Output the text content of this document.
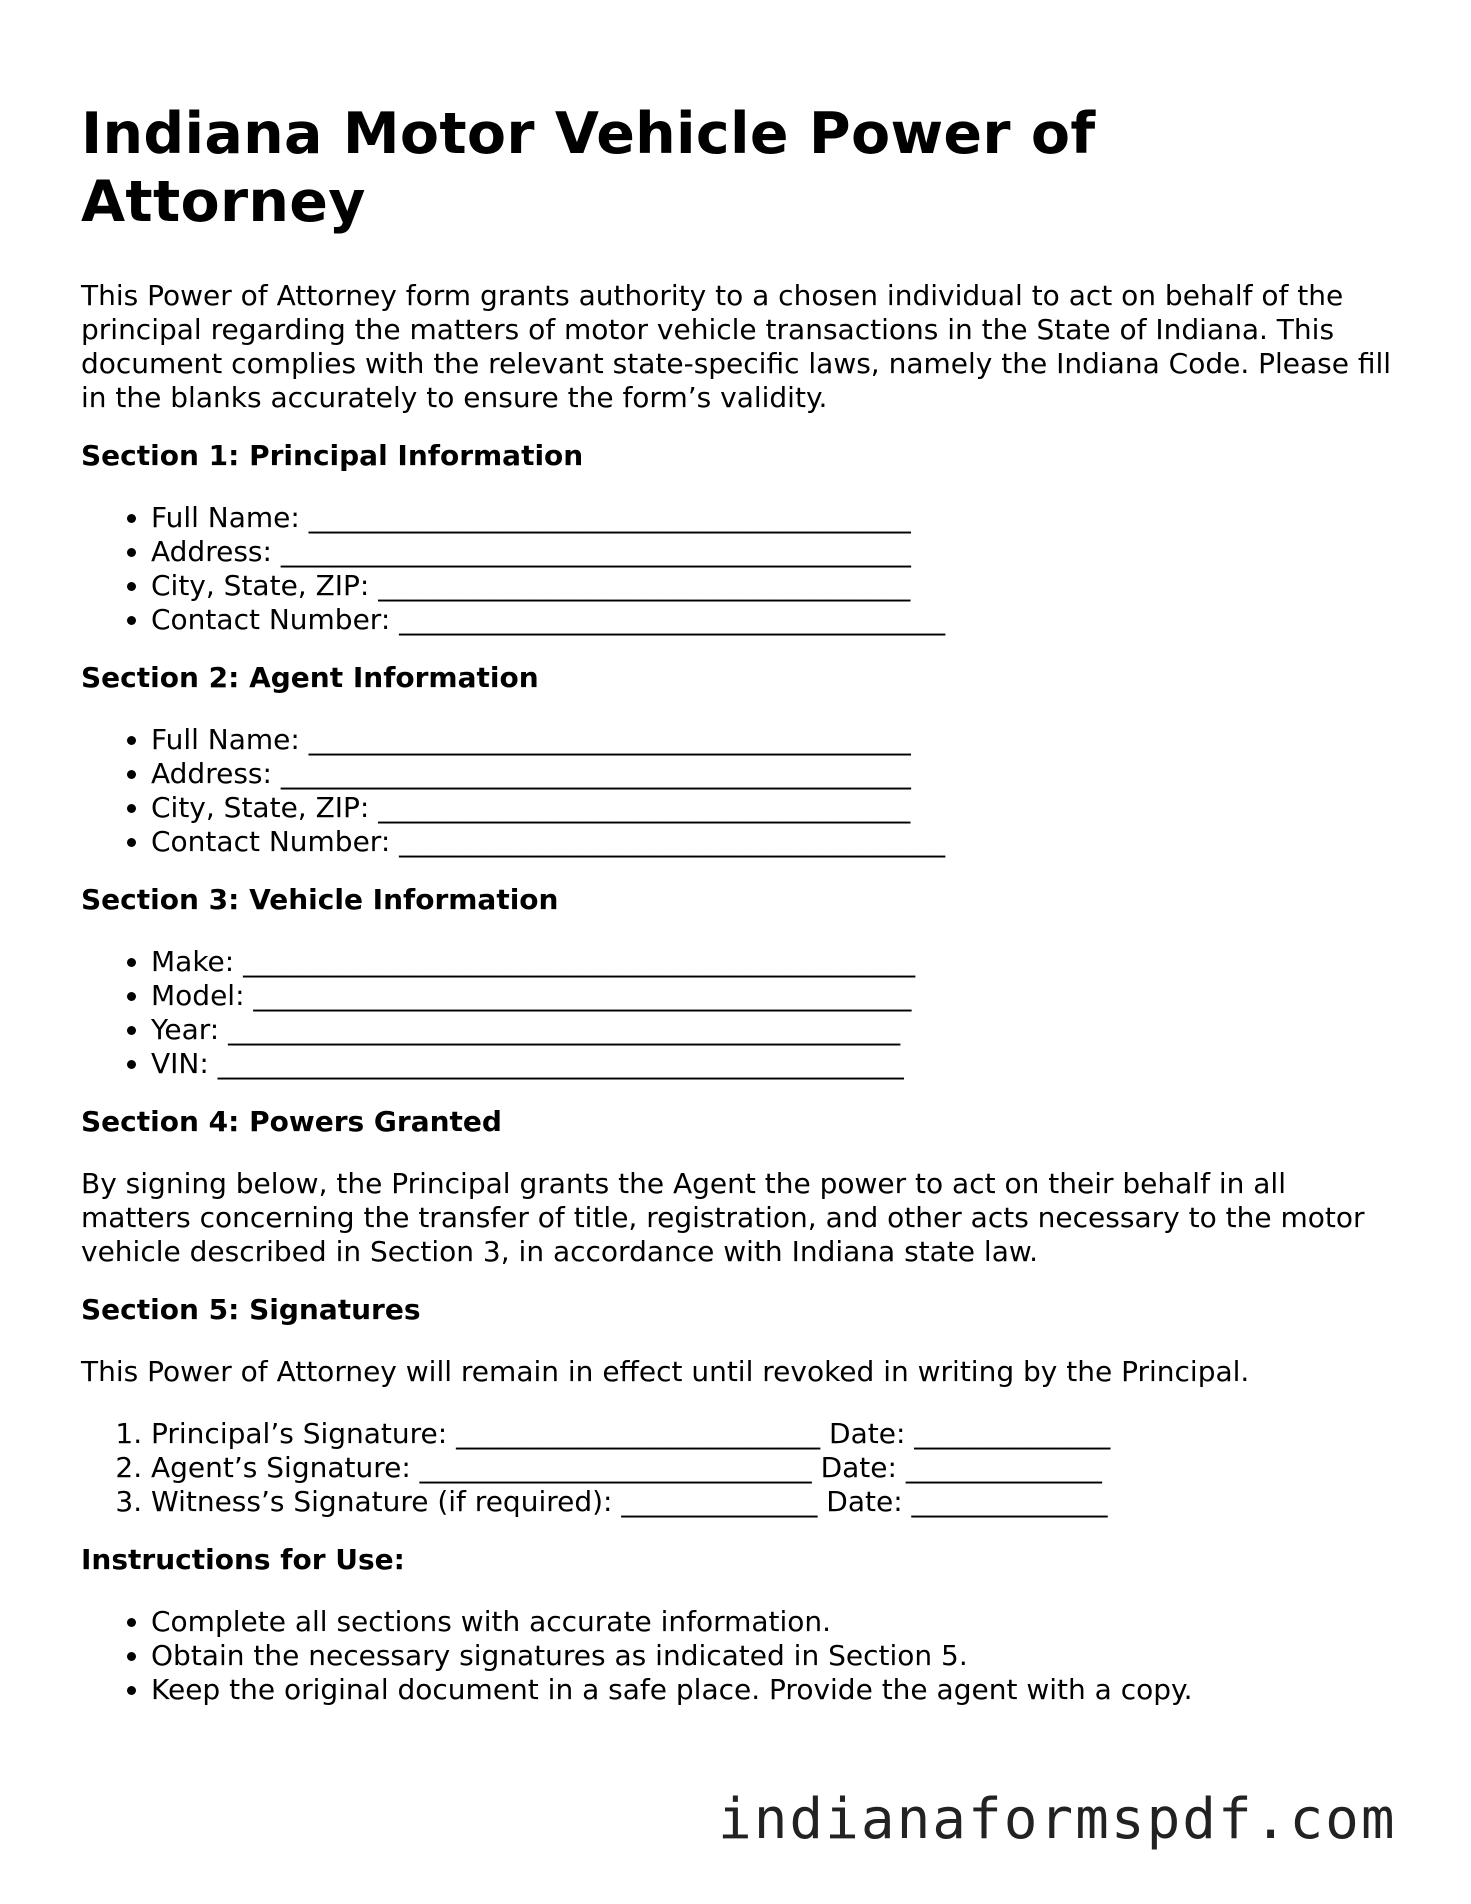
Indiana Motor Vehicle Power of Attorney

This Power of Attorney form grants authority to a chosen individual to act on behalf of the principal regarding the matters of motor vehicle transactions in the State of Indiana. This document complies with the relevant state-specific laws, namely the Indiana Code. Please fill in the blanks accurately to ensure the form’s validity.

Section 1: Principal Information
• Full Name: ___________________________________________
• Address: _____________________________________________
• City, State, ZIP: ______________________________________
• Contact Number: _______________________________________
Section 2: Agent Information
• Full Name: ___________________________________________
• Address: _____________________________________________
• City, State, ZIP: ______________________________________
• Contact Number: _______________________________________
Section 3: Vehicle Information
• Make: ________________________________________________
• Model: _______________________________________________
• Year: ________________________________________________
• VIN: _________________________________________________
Section 4: Powers Granted

By signing below, the Principal grants the Agent the power to act on their behalf in all matters concerning the transfer of title, registration, and other acts necessary to the motor vehicle described in Section 3, in accordance with Indiana state law.

Section 5: Signatures

This Power of Attorney will remain in effect until revoked in writing by the Principal.

1. Principal’s Signature: __________________________ Date: ______________
2. Agent’s Signature: ____________________________ Date: ______________
3. Witness’s Signature (if required): ______________ Date: ______________
Instructions for Use:
• Complete all sections with accurate information.
• Obtain the necessary signatures as indicated in Section 5.
• Keep the original document in a safe place. Provide the agent with a copy.
indianaformspdf.com
